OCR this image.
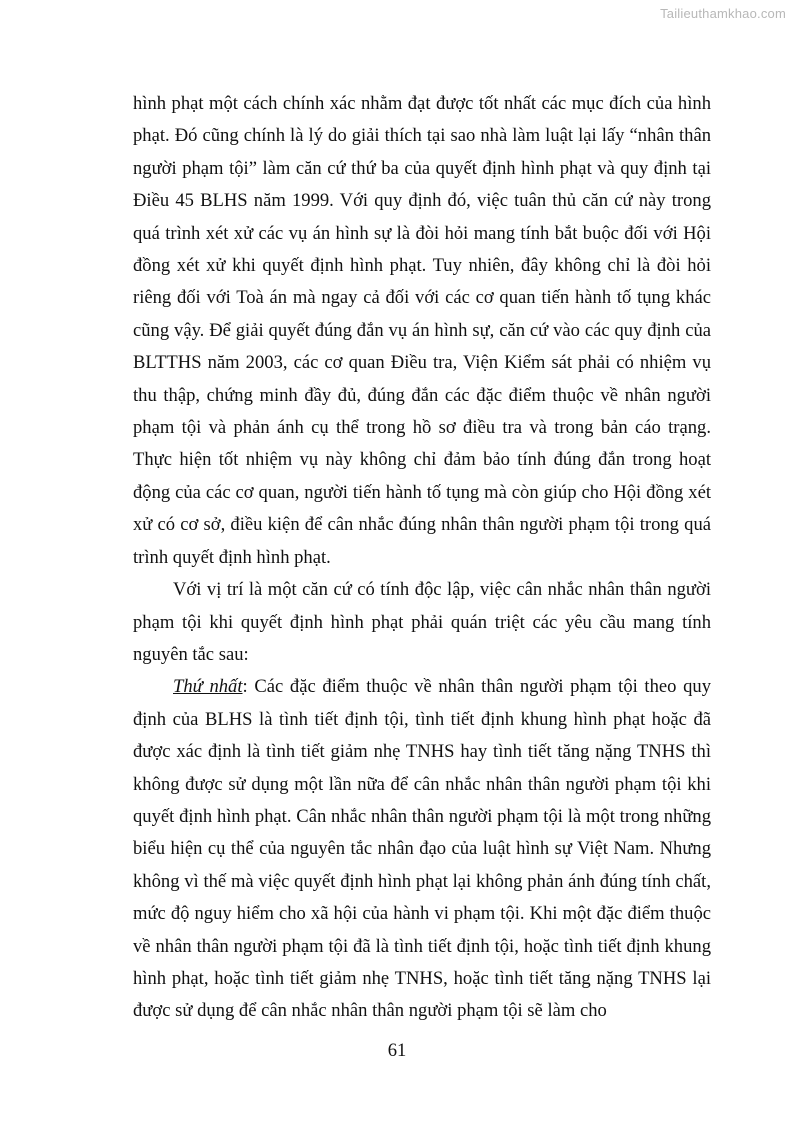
Tailieuthamkhao.com

hình phạt một cách chính xác nhằm đạt được tốt nhất các mục đích của hình phạt. Đó cũng chính là lý do giải thích tại sao nhà làm luật lại lấy “nhân thân người phạm tội” làm căn cứ thứ ba của quyết định hình phạt và quy định tại Điều 45 BLHS năm 1999. Với quy định đó, việc tuân thủ căn cứ này trong quá trình xét xử các vụ án hình sự là đòi hỏi mang tính bắt buộc đối với Hội đồng xét xử khi quyết định hình phạt. Tuy nhiên, đây không chỉ là đòi hỏi riêng đối với Toà án mà ngay cả đối với các cơ quan tiến hành tố tụng khác cũng vậy. Để giải quyết đúng đắn vụ án hình sự, căn cứ vào các quy định của BLTTHS năm 2003, các cơ quan Điều tra, Viện Kiểm sát phải có nhiệm vụ thu thập, chứng minh đầy đủ, đúng đắn các đặc điểm thuộc về nhân người phạm tội và phản ánh cụ thể trong hồ sơ điều tra và trong bản cáo trạng. Thực hiện tốt nhiệm vụ này không chỉ đảm bảo tính đúng đắn trong hoạt động của các cơ quan, người tiến hành tố tụng mà còn giúp cho Hội đồng xét xử có cơ sở, điều kiện để cân nhắc đúng nhân thân người phạm tội trong quá trình quyết định hình phạt.

Với vị trí là một căn cứ có tính độc lập, việc cân nhắc nhân thân người phạm tội khi quyết định hình phạt phải quán triệt các yêu cầu mang tính nguyên tắc sau:

Thứ nhất: Các đặc điểm thuộc về nhân thân người phạm tội theo quy định của BLHS là tình tiết định tội, tình tiết định khung hình phạt hoặc đã được xác định là tình tiết giảm nhẹ TNHS hay tình tiết tăng nặng TNHS thì không được sử dụng một lần nữa để cân nhắc nhân thân người phạm tội khi quyết định hình phạt. Cân nhắc nhân thân người phạm tội là một trong những biểu hiện cụ thể của nguyên tắc nhân đạo của luật hình sự Việt Nam. Nhưng không vì thế mà việc quyết định hình phạt lại không phản ánh đúng tính chất, mức độ nguy hiểm cho xã hội của hành vi phạm tội. Khi một đặc điểm thuộc về nhân thân người phạm tội đã là tình tiết định tội, hoặc tình tiết định khung hình phạt, hoặc tình tiết giảm nhẹ TNHS, hoặc tình tiết tăng nặng TNHS lại được sử dụng để cân nhắc nhân thân người phạm tội sẽ làm cho

61
